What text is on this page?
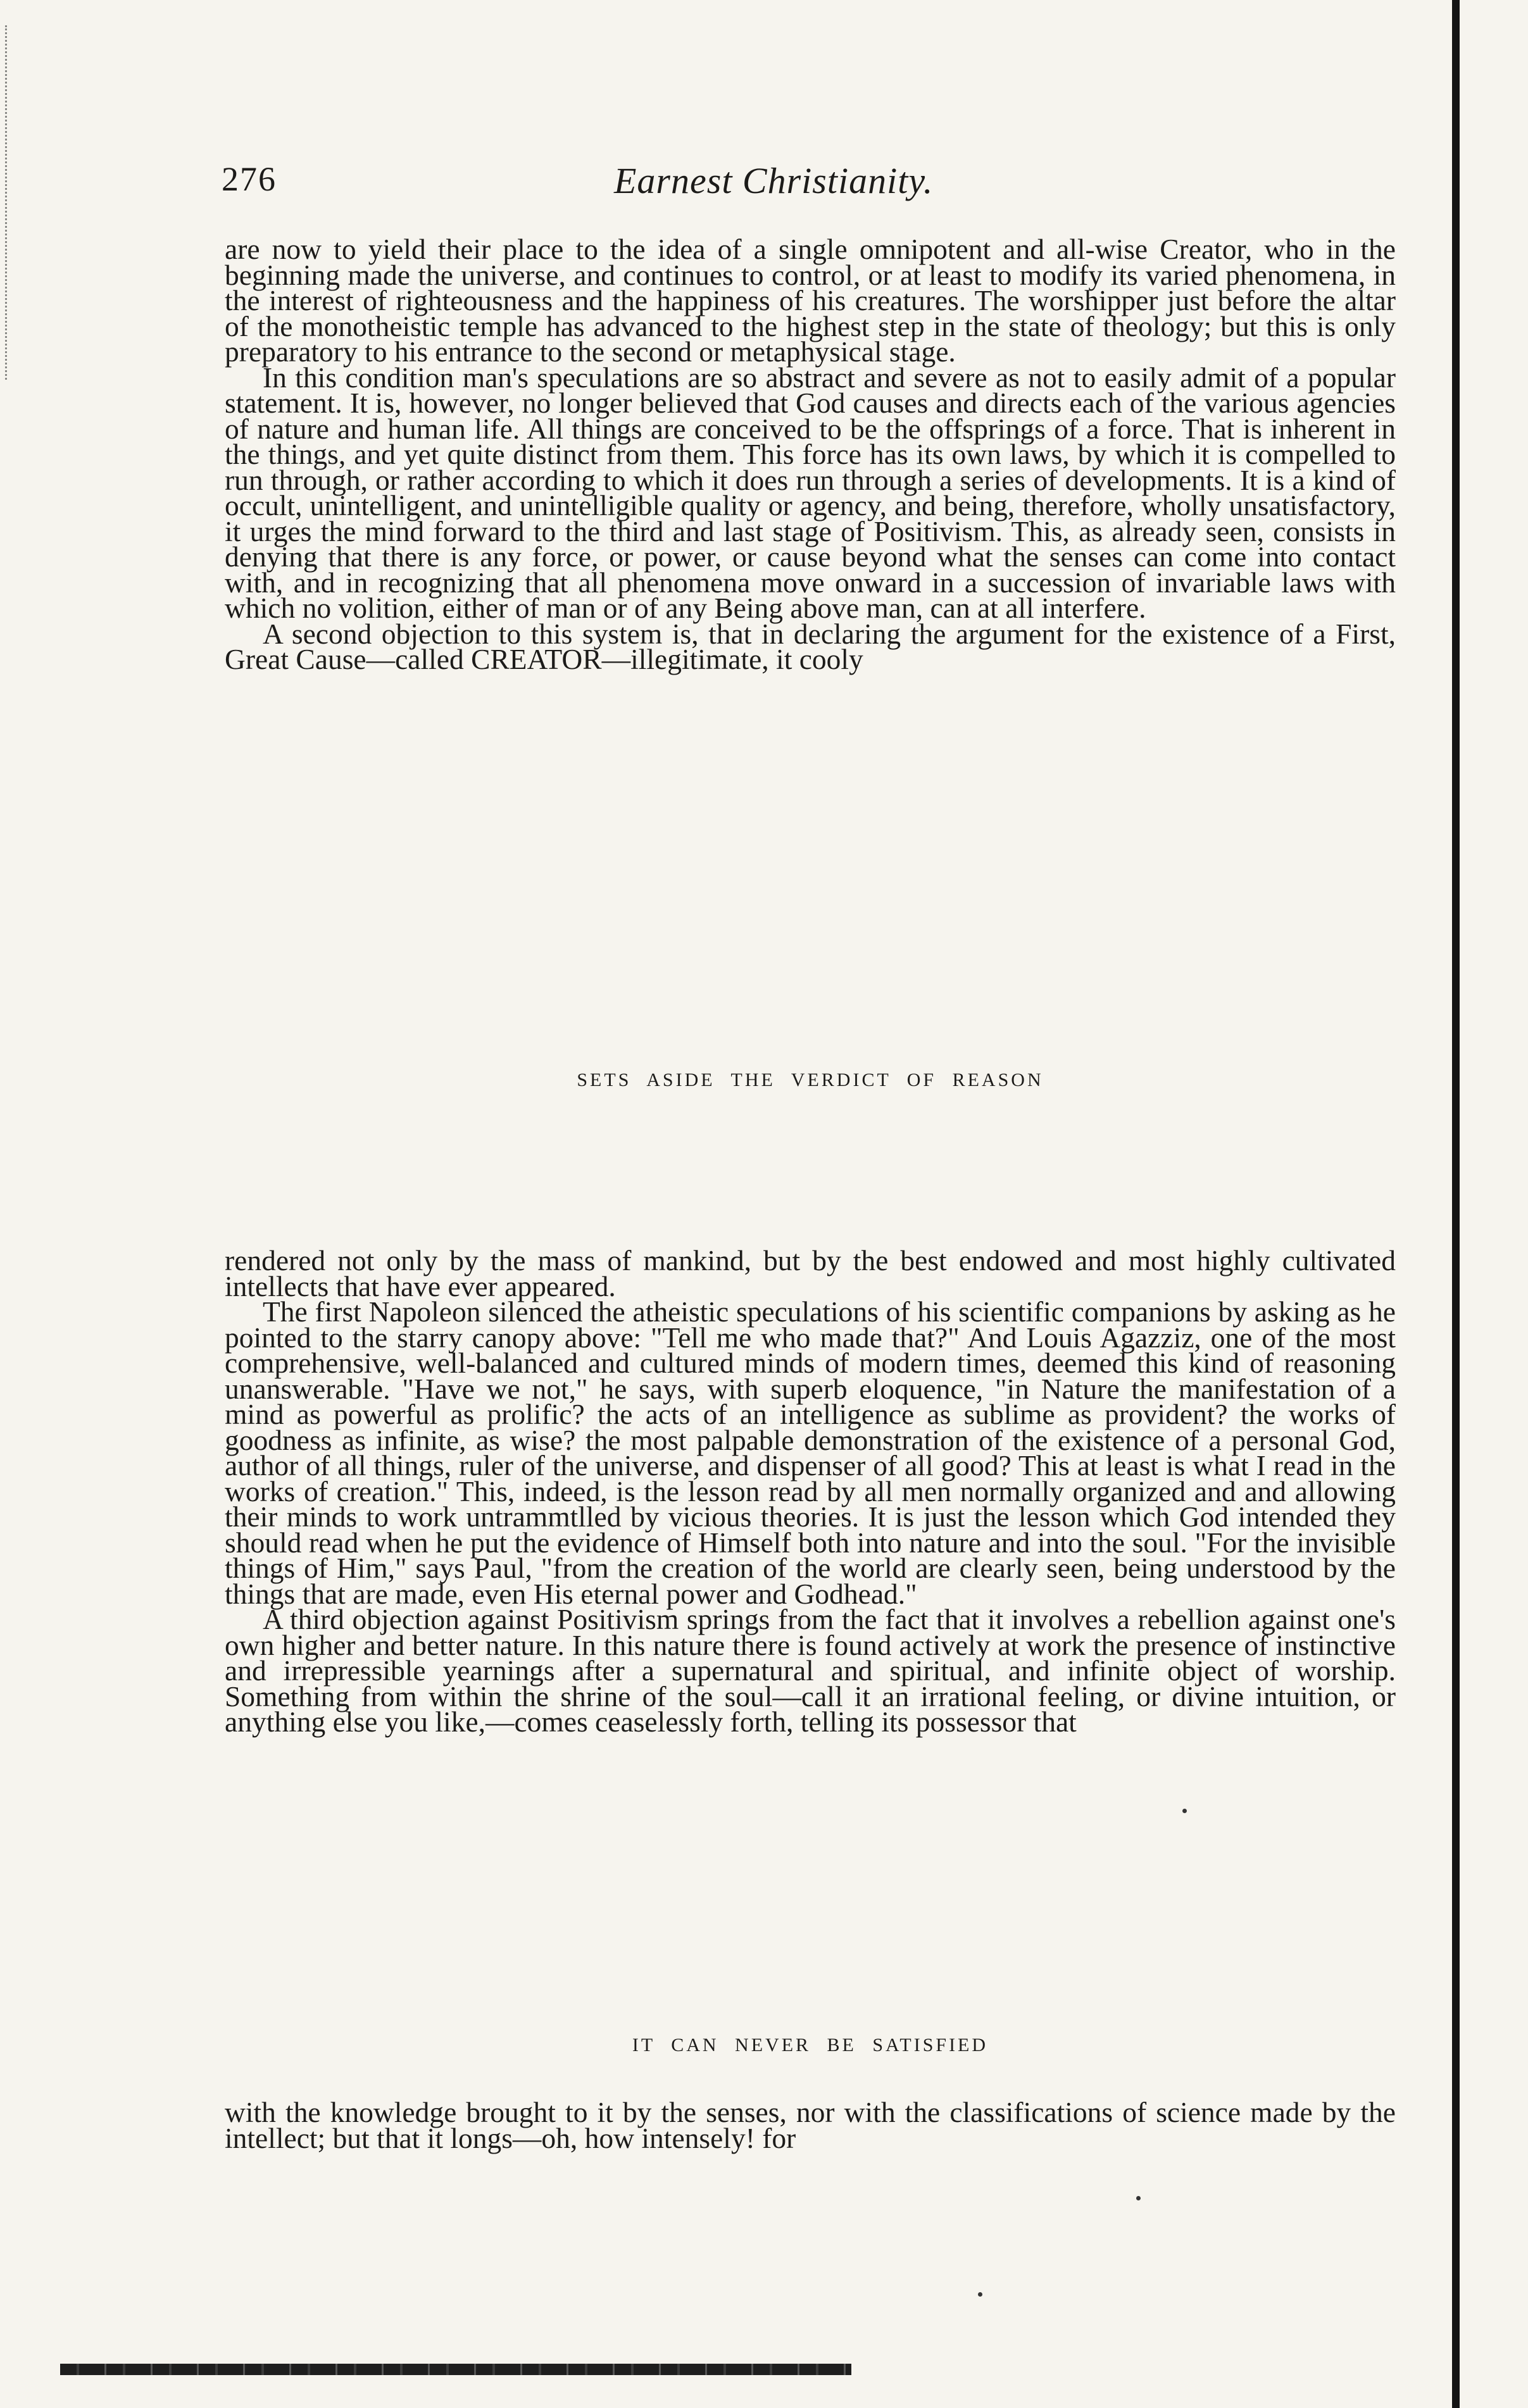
276	Earnest Christianity.

are now to yield their place to the idea of a single omnipotent and all-wise Creator, who in the beginning made the universe, and continues to control, or at least to modify its varied phenomena, in the interest of righteousness and the happiness of his creatures. The worshipper just before the altar of the monotheistic temple has advanced to the highest step in the state of theology; but this is only preparatory to his entrance to the second or metaphysical stage.

In this condition man's speculations are so abstract and severe as not to easily admit of a popular statement. It is, however, no longer believed that God causes and directs each of the various agencies of nature and human life. All things are conceived to be the offsprings of a force. That is inherent in the things, and yet quite distinct from them. This force has its own laws, by which it is compelled to run through, or rather according to which it does run through a series of developments. It is a kind of occult, unintelligent, and unintelligible quality or agency, and being, therefore, wholly unsatisfactory, it urges the mind forward to the third and last stage of Positivism. This, as already seen, consists in denying that there is any force, or power, or cause beyond what the senses can come into contact with, and in recognizing that all phenomena move onward in a succession of invariable laws with which no volition, either of man or of any Being above man, can at all interfere.

A second objection to this system is, that in declaring the argument for the existence of a First, Great Cause—called CREATOR—illegitimate, it cooly

SETS ASIDE THE VERDICT OF REASON

rendered not only by the mass of mankind, but by the best endowed and most highly cultivated intellects that have ever appeared.

The first Napoleon silenced the atheistic speculations of his scientific companions by asking as he pointed to the starry canopy above: "Tell me who made that?" And Louis Agazziz, one of the most comprehensive, well-balanced and cultured minds of modern times, deemed this kind of reasoning unanswerable. "Have we not," he says, with superb eloquence, "in Nature the manifestation of a mind as powerful as prolific? the acts of an intelligence as sublime as provident? the works of goodness as infinite, as wise? the most palpable demonstration of the existence of a personal God, author of all things, ruler of the universe, and dispenser of all good? This at least is what I read in the works of creation." This, indeed, is the lesson read by all men normally organized and and allowing their minds to work untrammtlled by vicious theories. It is just the lesson which God intended they should read when he put the evidence of Himself both into nature and into the soul. "For the invisible things of Him," says Paul, "from the creation of the world are clearly seen, being understood by the things that are made, even His eternal power and Godhead."

A third objection against Positivism springs from the fact that it involves a rebellion against one's own higher and better nature. In this nature there is found actively at work the presence of instinctive and irrepressible yearnings after a supernatural and spiritual, and infinite object of worship. Something from within the shrine of the soul—call it an irrational feeling, or divine intuition, or anything else you like,—comes ceaselessly forth, telling its possessor that

IT CAN NEVER BE SATISFIED

with the knowledge brought to it by the senses, nor with the classifications of science made by the intellect; but that it longs—oh, how intensely! for
